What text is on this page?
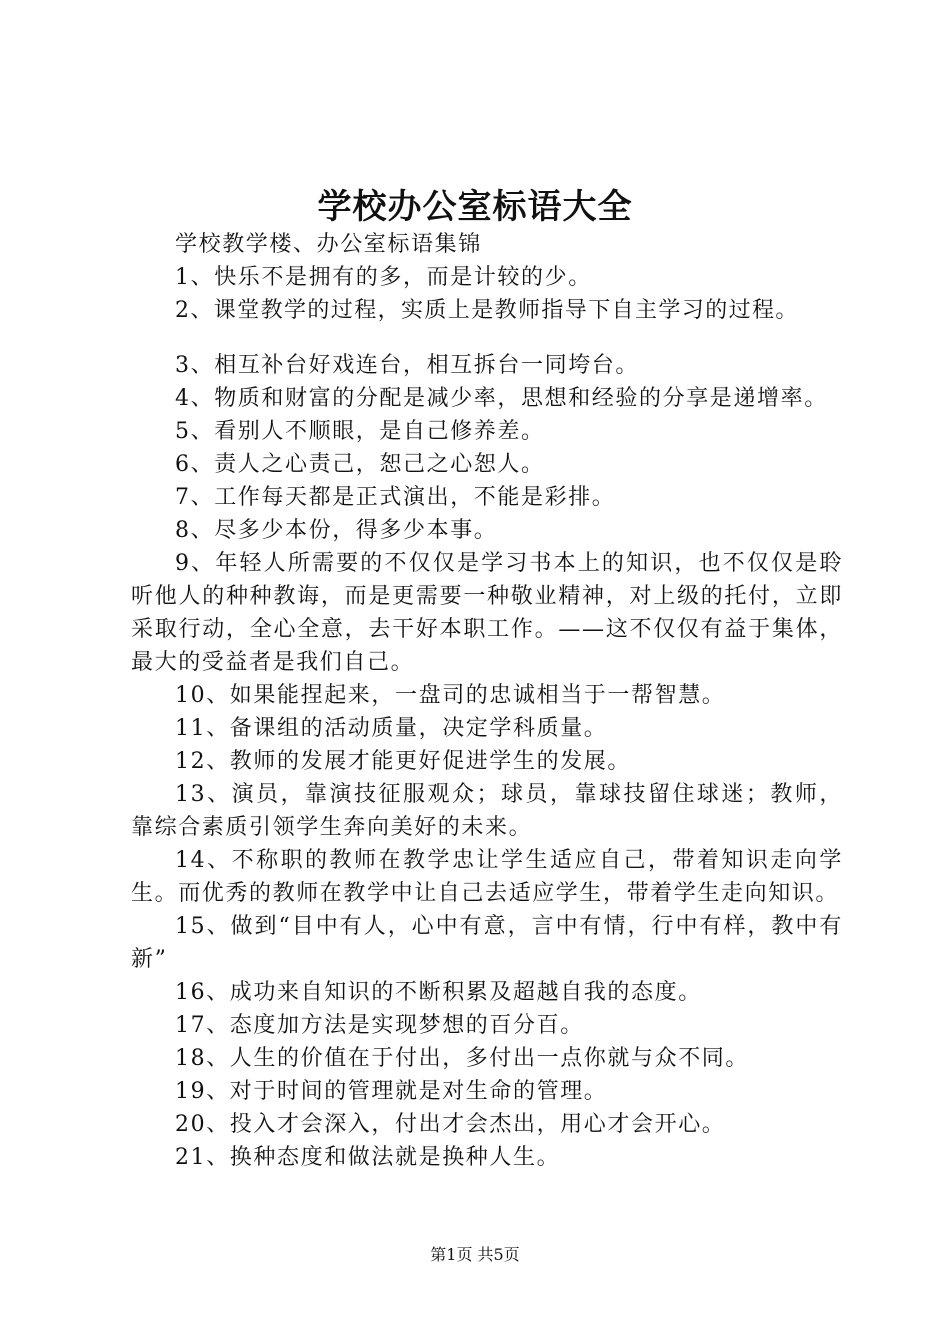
学校办公室标语大全

学校教学楼、办公室标语集锦

1、快乐不是拥有的多，而是计较的少。

2、课堂教学的过程，实质上是教师指导下自主学习的过程。

3、相互补台好戏连台，相互拆台一同垮台。

4、物质和财富的分配是减少率，思想和经验的分享是递增率。

5、看别人不顺眼，是自己修养差。

6、责人之心责己，恕己之心恕人。

7、工作每天都是正式演出，不能是彩排。

8、尽多少本份，得多少本事。

9、年轻人所需要的不仅仅是学习书本上的知识，也不仅仅是聆听他人的种种教诲，而是更需要一种敬业精神，对上级的托付，立即采取行动，全心全意，去干好本职工作。——这不仅仅有益于集体，最大的受益者是我们自己。

10、如果能捏起来，一盘司的忠诚相当于一帮智慧。

11、备课组的活动质量，决定学科质量。

12、教师的发展才能更好促进学生的发展。

13、演员，靠演技征服观众；球员，靠球技留住球迷；教师，靠综合素质引领学生奔向美好的未来。

14、不称职的教师在教学忠让学生适应自己，带着知识走向学生。而优秀的教师在教学中让自己去适应学生，带着学生走向知识。

15、做到“目中有人，心中有意，言中有情，行中有样，教中有新”

16、成功来自知识的不断积累及超越自我的态度。

17、态度加方法是实现梦想的百分百。

18、人生的价值在于付出，多付出一点你就与众不同。

19、对于时间的管理就是对生命的管理。

20、投入才会深入，付出才会杰出，用心才会开心。

21、换种态度和做法就是换种人生。

第1页 共5页
